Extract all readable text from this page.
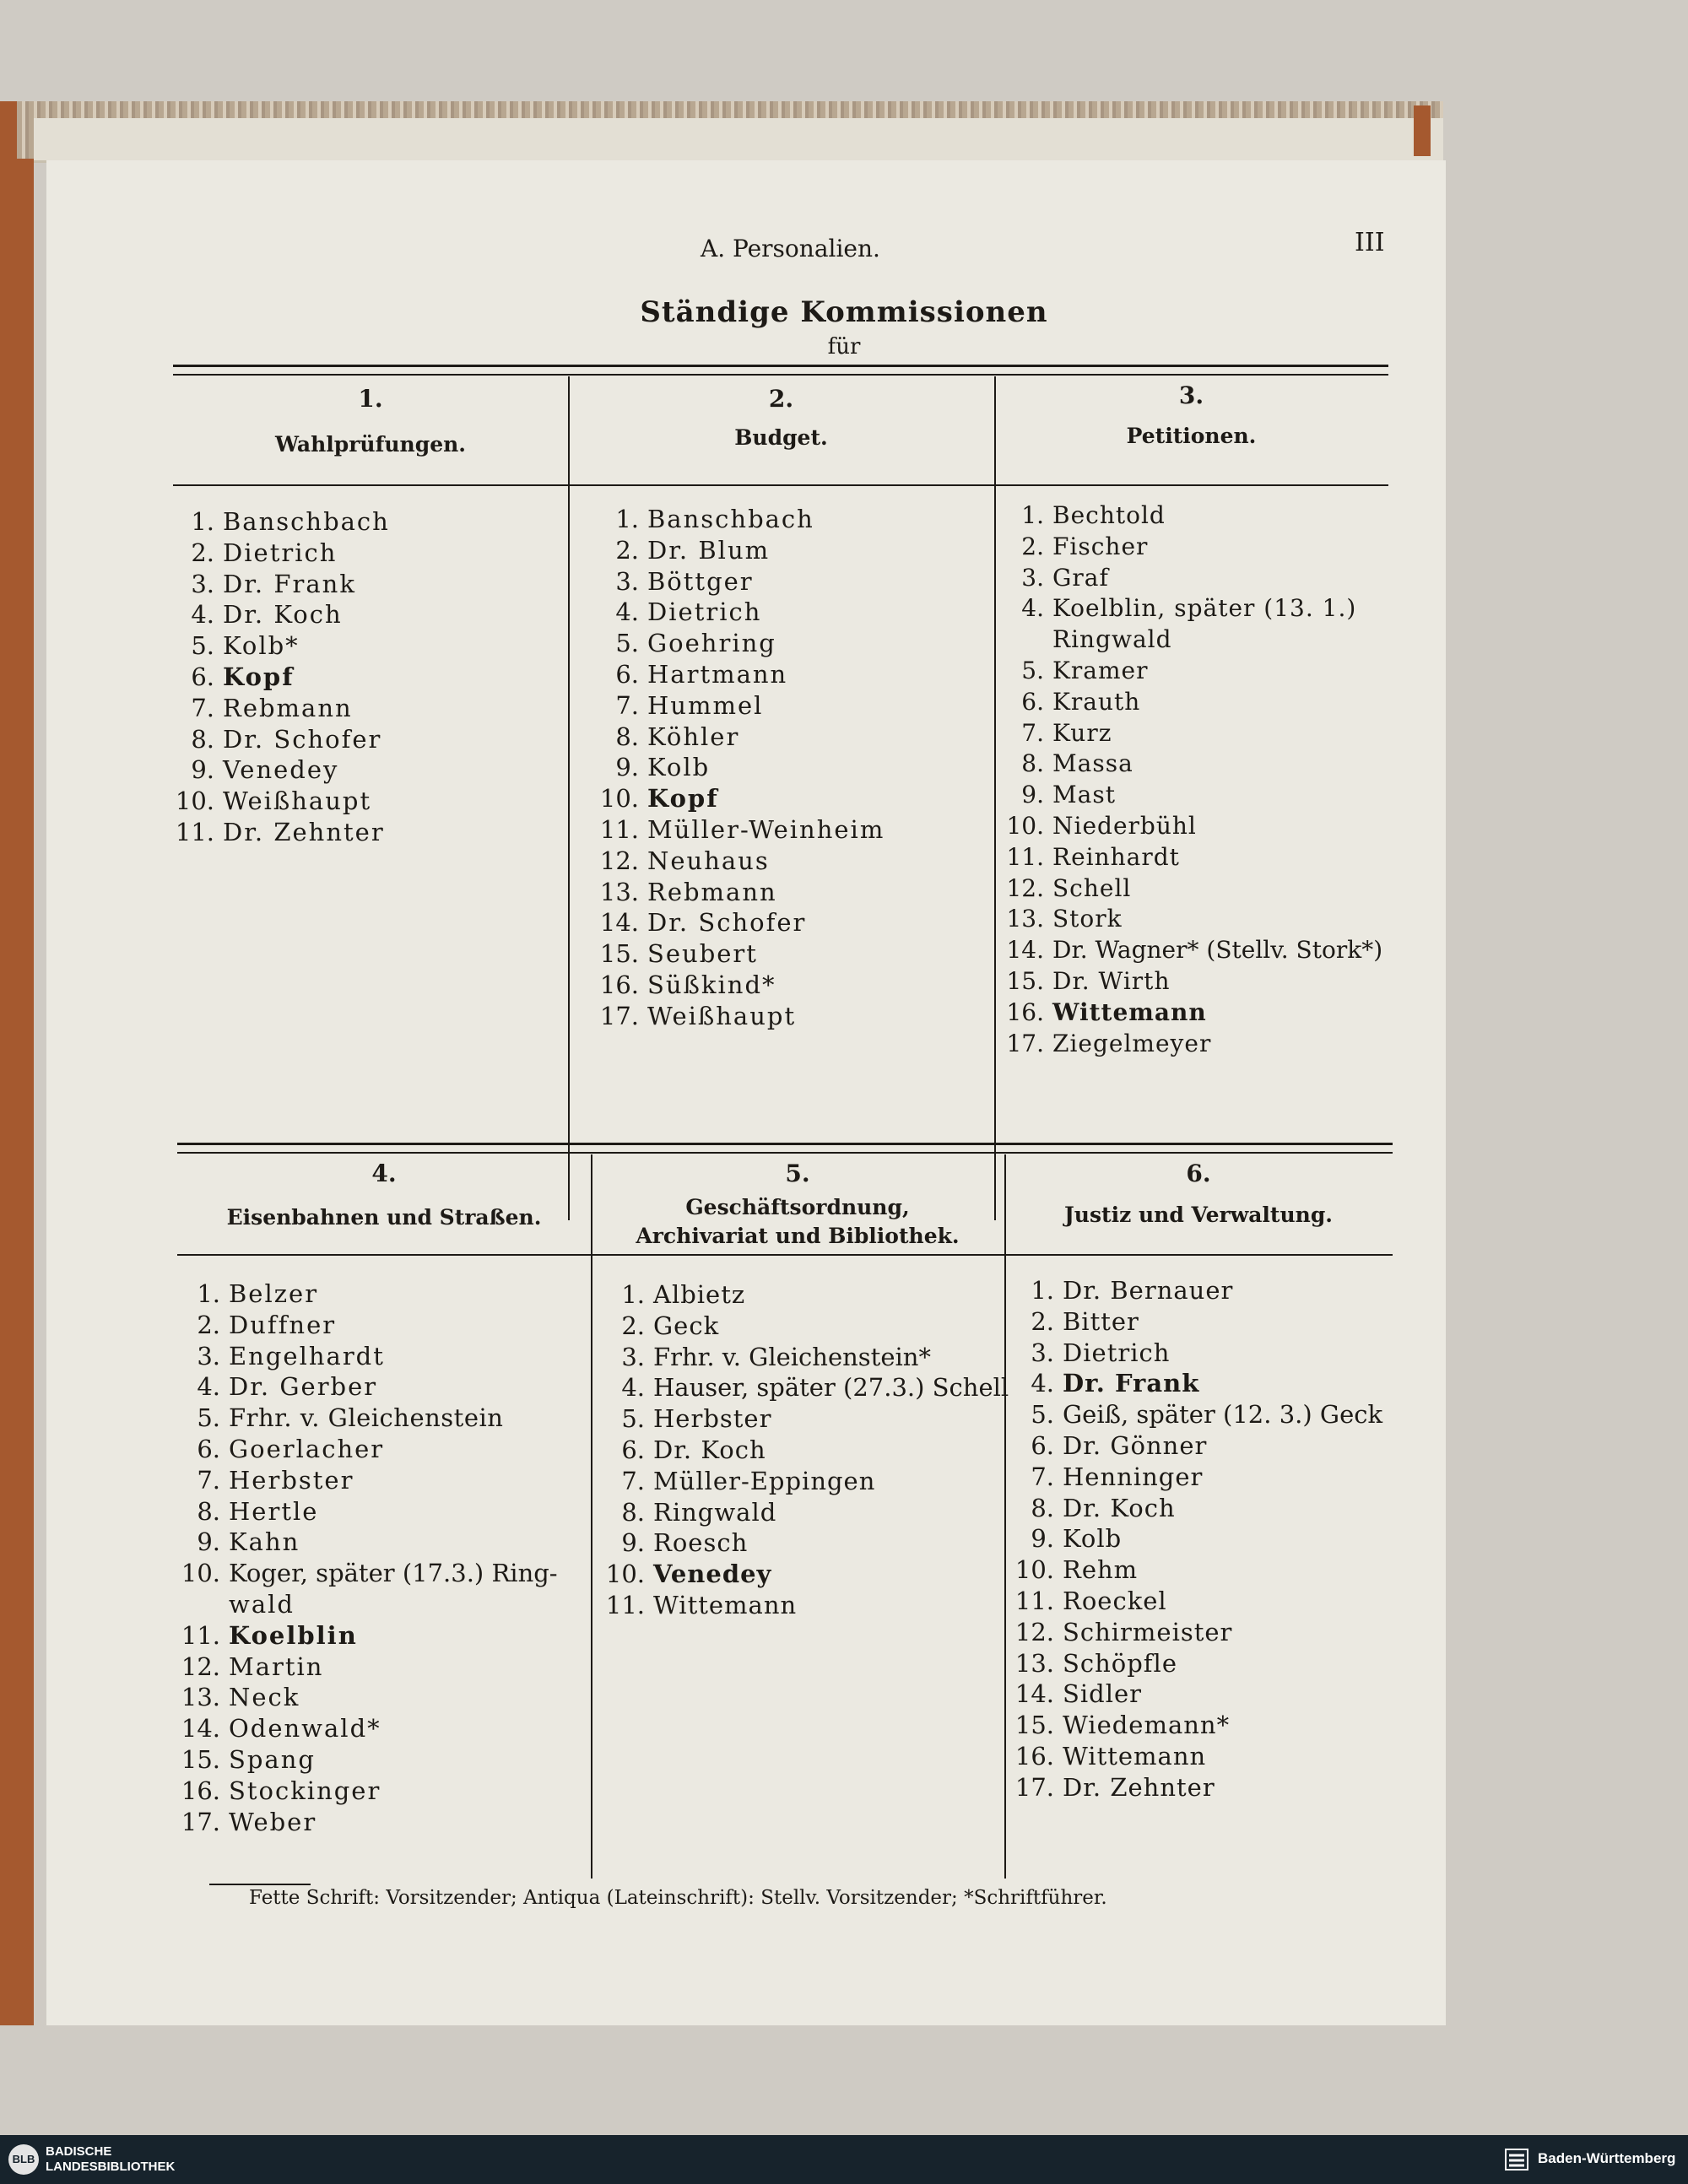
A. Personalien.	III
Ständige Kommissionen
für
1.
Wahlprüfungen.
2.
Budget.
3.
Petitionen.
1. Banschbach
2. Dietrich
3. Dr. Frank
4. Dr. Koch
5. Kolb*
6. Kopf
7. Rebmann
8. Dr. Schofer
9. Venedey
10. Weißhaupt
11. Dr. Zehnter
1. Banschbach
2. Dr. Blum
3. Böttger
4. Dietrich
5. Goehring
6. Hartmann
7. Hummel
8. Köhler
9. Kolb
10. Kopf
11. Müller-Weinheim
12. Neuhaus
13. Rebmann
14. Dr. Schofer
15. Seubert
16. Süßkind*
17. Weißhaupt
1. Bechtold
2. Fischer
3. Graf
4. Koelblin, später (13. 1.)
Ringwald
5. Kramer
6. Krauth
7. Kurz
8. Massa
9. Mast
10. Niederbühl
11. Reinhardt
12. Schell
13. Stork
14. Dr. Wagner* (Stellv. Stork*)
15. Dr. Wirth
16. Wittemann
17. Ziegelmeyer
4.
Eisenbahnen und Straßen.
5.
Geschäftsordnung,
Archivariat und Bibliothek.
6.
Justiz und Verwaltung.
1. Belzer
2. Duffner
3. Engelhardt
4. Dr. Gerber
5. Frhr. v. Gleichenstein
6. Goerlacher
7. Herbster
8. Hertle
9. Kahn
10. Koger, später (17.3.) Ring-
wald
11. Koelblin
12. Martin
13. Neck
14. Odenwald*
15. Spang
16. Stockinger
17. Weber
1. Albietz
2. Geck
3. Frhr. v. Gleichenstein*
4. Hauser, später (27.3.) Schell
5. Herbster
6. Dr. Koch
7. Müller-Eppingen
8. Ringwald
9. Roesch
10. Venedey
11. Wittemann
1. Dr. Bernauer
2. Bitter
3. Dietrich
4. Dr. Frank
5. Geiß, später (12. 3.) Geck
6. Dr. Gönner
7. Henninger
8. Dr. Koch
9. Kolb
10. Rehm
11. Roeckel
12. Schirmeister
13. Schöpfle
14. Sidler
15. Wiedemann*
16. Wittemann
17. Dr. Zehnter
Fette Schrift: Vorsitzender; Antiqua (Lateinschrift): Stellv. Vorsitzender; *Schriftführer.
BLB
BADISCHE
LANDESBIBLIOTHEK
Baden-Württemberg
